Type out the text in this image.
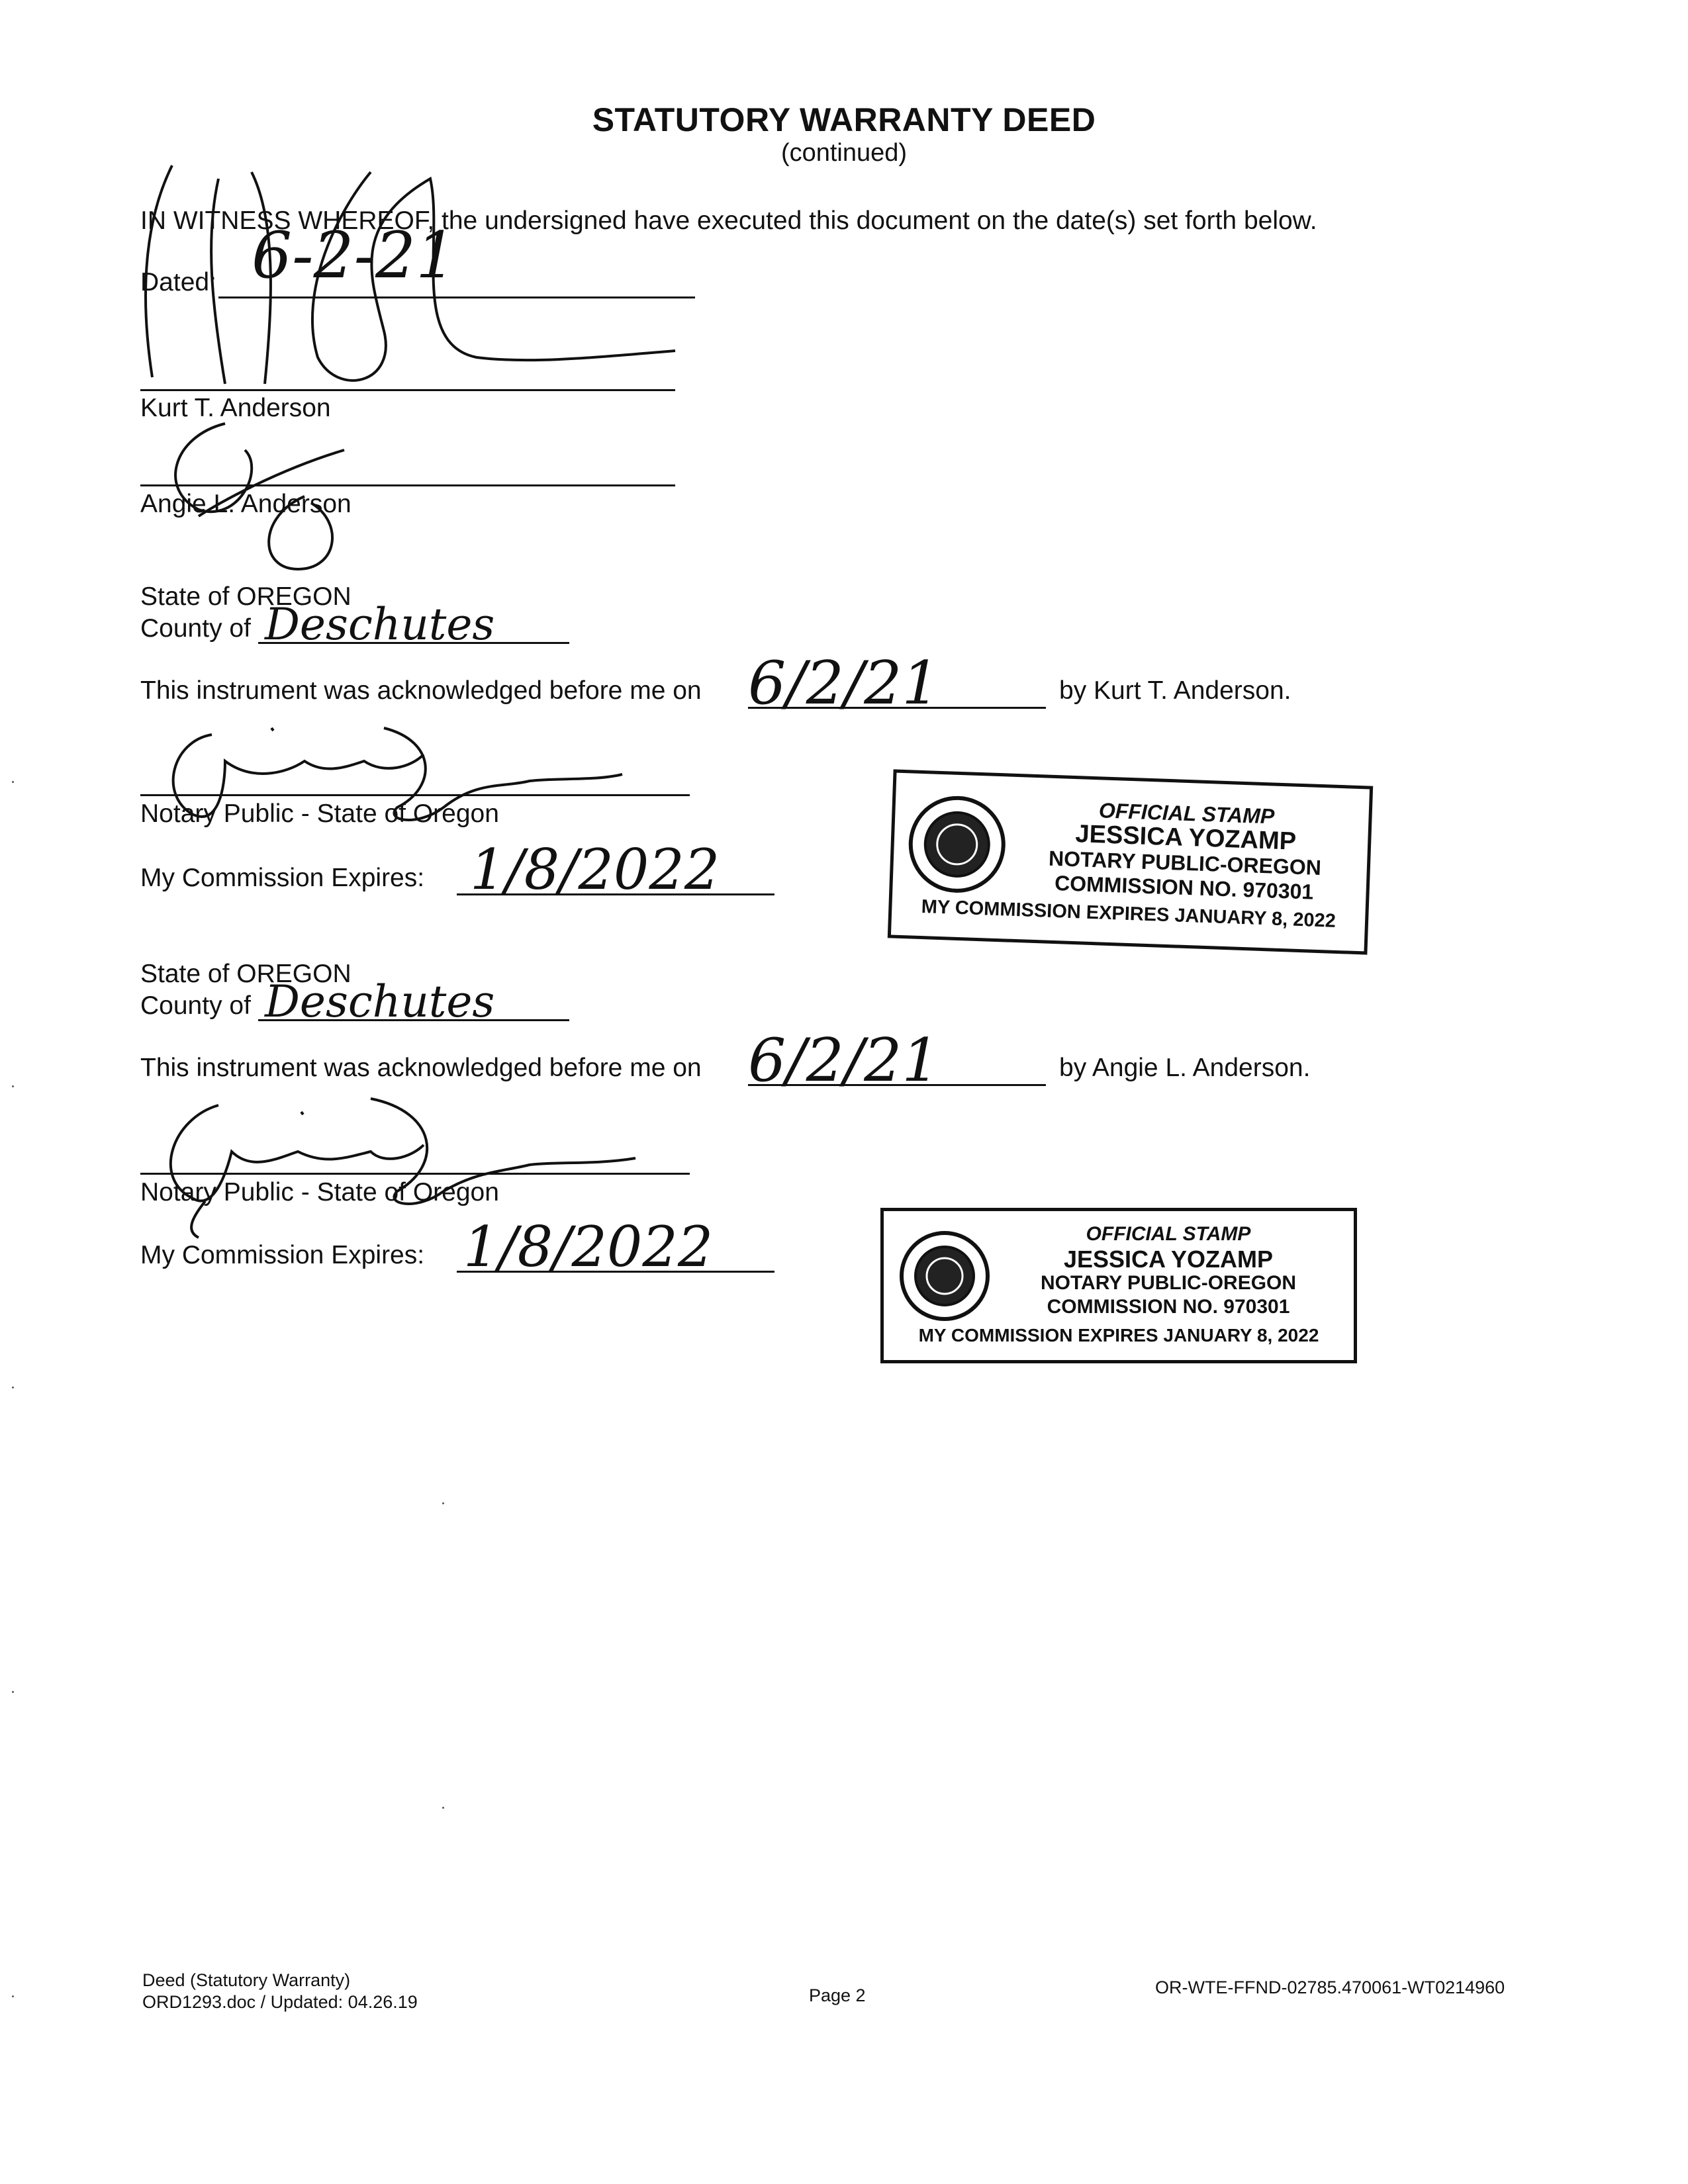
STATUTORY WARRANTY DEED
(continued)
IN WITNESS WHEREOF, the undersigned have executed this document on the date(s) set forth below.
Dated: 6-2-21
Kurt T. Anderson
Angie L. Anderson
State of OREGON
County of Deschutes
This instrument was acknowledged before me on 6/2/21	by Kurt T. Anderson.
Notary Public - State of Oregon
My Commission Expires: 1/8/2022
OFFICIAL STAMP
JESSICA YOZAMP
NOTARY PUBLIC-OREGON
COMMISSION NO. 970301
MY COMMISSION EXPIRES JANUARY 8, 2022
State of OREGON
County of Deschutes
This instrument was acknowledged before me on 6/2/21	by Angie L. Anderson.
Notary Public - State of Oregon
My Commission Expires: 1/8/2022	OFFICIAL STAMP
JESSICA YOZAMP
NOTARY PUBLIC-OREGON
COMMISSION NO. 970301
MY COMMISSION EXPIRES JANUARY 8, 2022
Deed (Statutory Warranty)
ORD1293.doc / Updated: 04.26.19	Page 2	OR-WTE-FFND-02785.470061-WT0214960
